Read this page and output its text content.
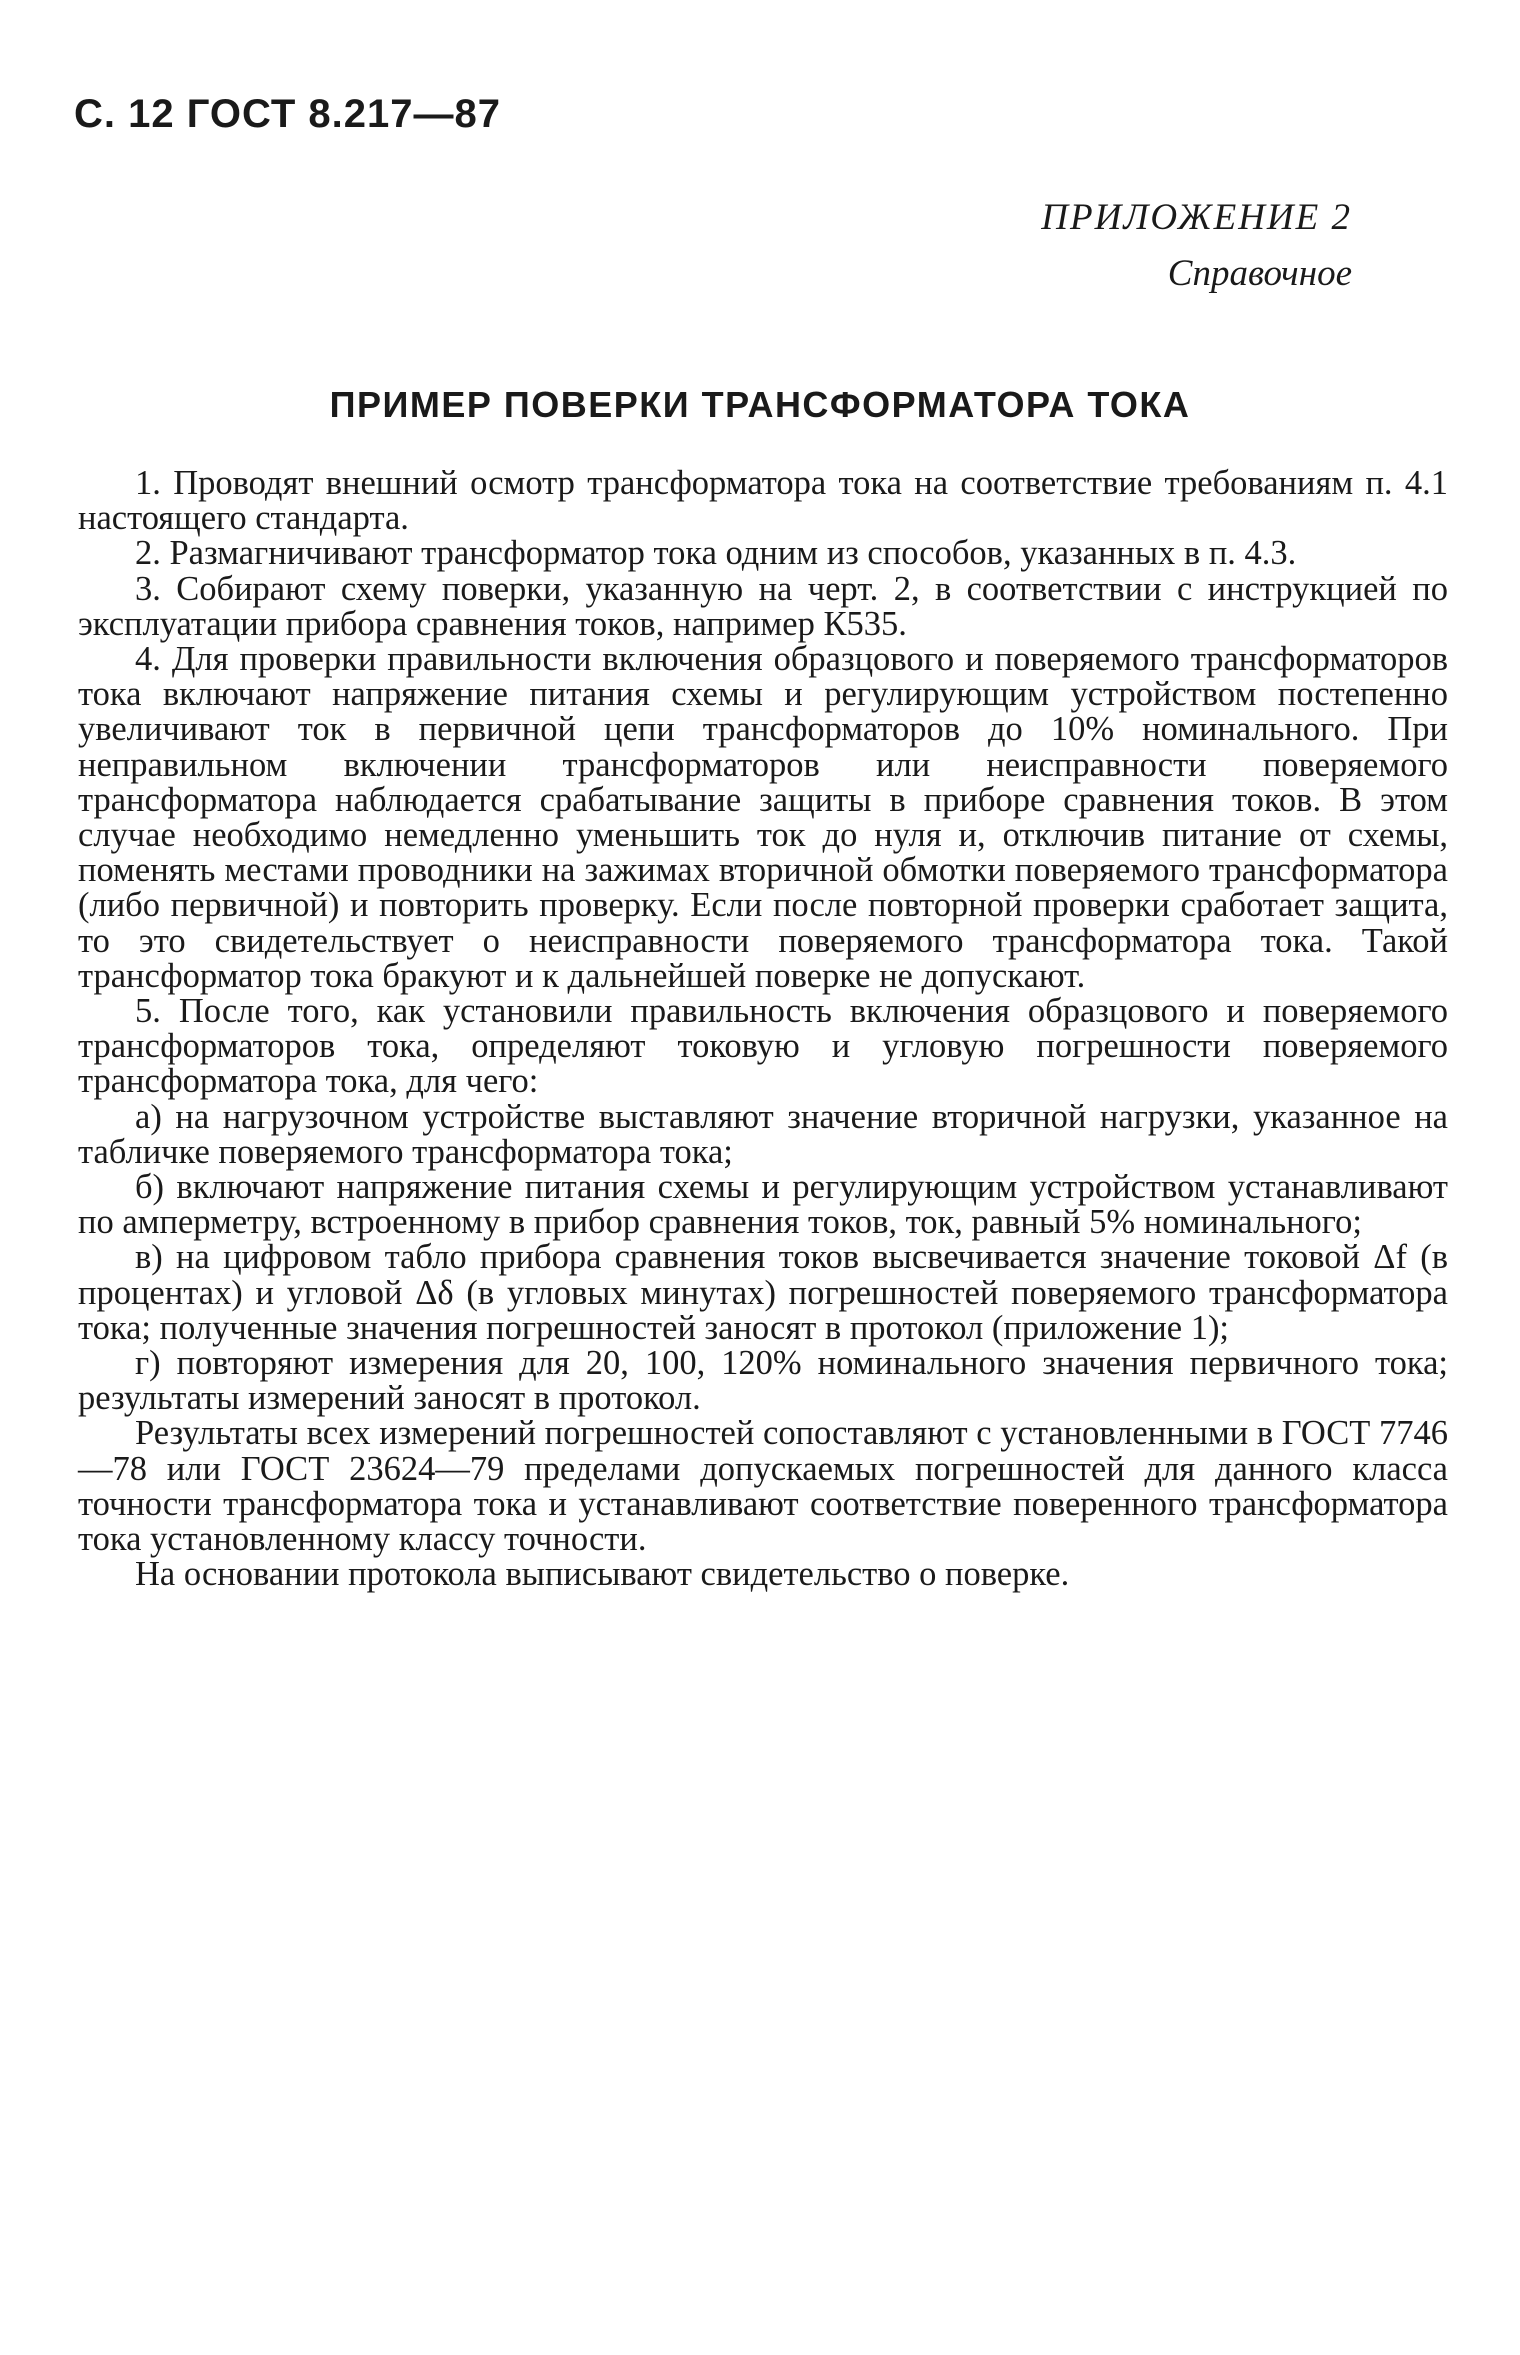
С. 12 ГОСТ 8.217—87
ПРИЛОЖЕНИЕ 2
Справочное
ПРИМЕР ПОВЕРКИ ТРАНСФОРМАТОРА ТОКА

1. Проводят внешний осмотр трансформатора тока на соответствие требованиям п. 4.1 настоящего стандарта.

2. Размагничивают трансформатор тока одним из способов, указанных в п. 4.3.

3. Собирают схему поверки, указанную на черт. 2, в соответствии с инструкцией по эксплуатации прибора сравнения токов, например К535.

4. Для проверки правильности включения образцового и поверяемого трансформаторов тока включают напряжение питания схемы и регулирующим устройством постепенно увеличивают ток в первичной цепи трансформаторов до 10% номинального. При неправильном включении трансформаторов или неисправности поверяемого трансформатора наблюдается срабатывание защиты в приборе сравнения токов. В этом случае необходимо немедленно уменьшить ток до нуля и, отключив питание от схемы, поменять местами проводники на зажимах вторичной обмотки поверяемого трансформатора (либо первичной) и повторить проверку. Если после повторной проверки сработает защита, то это свидетельствует о неисправности поверяемого трансформатора тока. Такой трансформатор тока бракуют и к дальнейшей поверке не допускают.

5. После того, как установили правильность включения образцового и поверяемого трансформаторов тока, определяют токовую и угловую погрешности поверяемого трансформатора тока, для чего:

а) на нагрузочном устройстве выставляют значение вторичной нагрузки, указанное на табличке поверяемого трансформатора тока;

б) включают напряжение питания схемы и регулирующим устройством устанавливают по амперметру, встроенному в прибор сравнения токов, ток, равный 5% номинального;

в) на цифровом табло прибора сравнения токов высвечивается значение токовой Δf (в процентах) и угловой Δδ (в угловых минутах) погрешностей поверяемого трансформатора тока; полученные значения погрешностей заносят в протокол (приложение 1);

г) повторяют измерения для 20, 100, 120% номинального значения первичного тока; результаты измерений заносят в протокол.

Результаты всех измерений погрешностей сопоставляют с установленными в ГОСТ 7746—78 или ГОСТ 23624—79 пределами допускаемых погрешностей для данного класса точности трансформатора тока и устанавливают соответствие поверенного трансформатора тока установленному классу точности.

На основании протокола выписывают свидетельство о поверке.
